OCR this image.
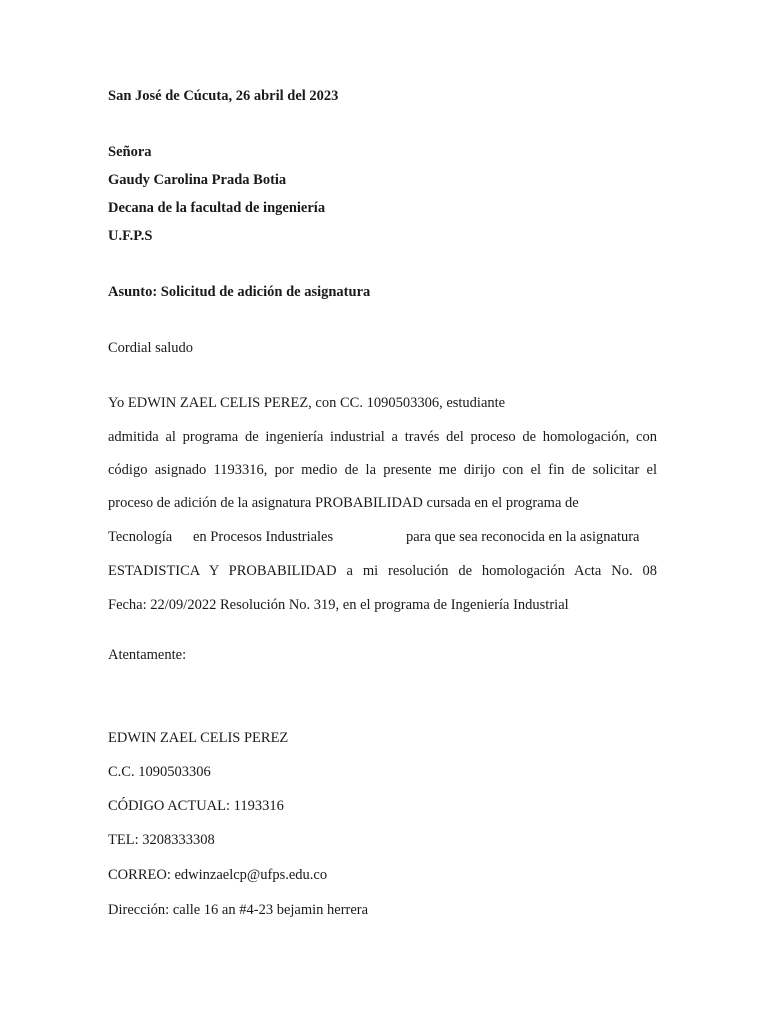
San José de Cúcuta, 26 abril del 2023
Señora
Gaudy Carolina Prada Botia
Decana de la facultad de ingeniería
U.F.P.S
Asunto: Solicitud de adición de asignatura
Cordial saludo
Yo EDWIN ZAEL CELIS PEREZ, con CC. 1090503306, estudiante
admitida al programa de ingeniería industrial a través del proceso de homologación, con
código asignado 1193316, por medio de la presente me dirijo con el fin de solicitar el
proceso de adición de la asignatura PROBABILIDAD cursada en el programa de
Tecnología en Procesos Industriales	para que sea reconocida en la asignatura
ESTADISTICA Y PROBABILIDAD a mi resolución de homologación Acta No. 08
Fecha: 22/09/2022 Resolución No. 319, en el programa de Ingeniería Industrial
Atentamente:
EDWIN ZAEL CELIS PEREZ
C.C. 1090503306
CÓDIGO ACTUAL: 1193316
TEL: 3208333308
CORREO: edwinzaelcp@ufps.edu.co
Dirección: calle 16 an #4-23 bejamin herrera
